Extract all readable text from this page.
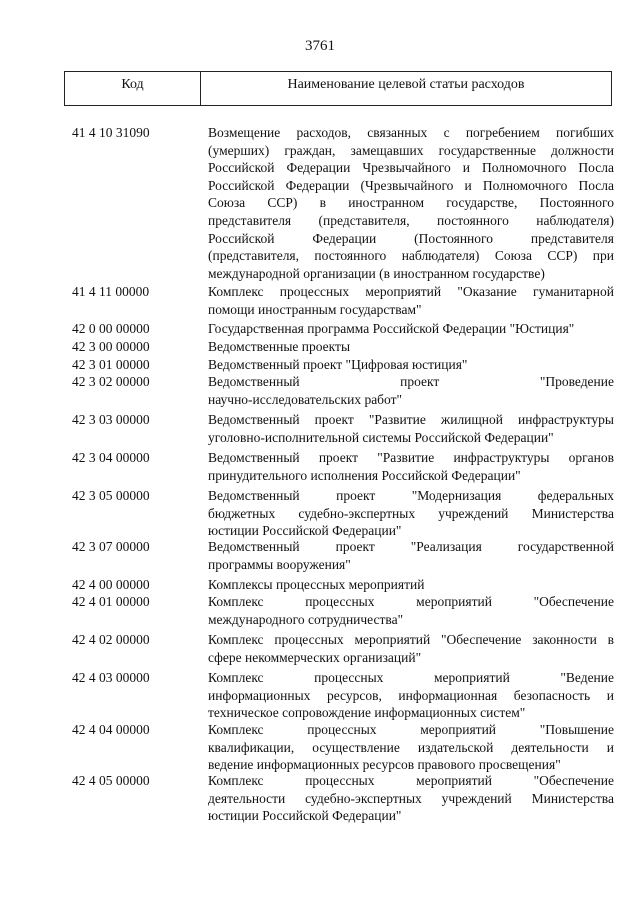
3761
Код	Наименование целевой статьи расходов
41 4 10 31090	Возмещение расходов, связанных с погребением погибших
(умерших) граждан, замещавших государственные должности
Российской Федерации Чрезвычайного и Полномочного Посла
Российской Федерации (Чрезвычайного и Полномочного Посла
Союза ССР) в иностранном государстве, Постоянного
представителя (представителя, постоянного наблюдателя)
Российской Федерации (Постоянного представителя
(представителя, постоянного наблюдателя) Союза ССР) при
международной организации (в иностранном государстве)
41 4 11 00000	Комплекс процессных мероприятий "Оказание гуманитарной
помощи иностранным государствам"
42 0 00 00000	Государственная программа Российской Федерации "Юстиция"
42 3 00 00000	Ведомственные проекты
42 3 01 00000	Ведомственный проект "Цифровая юстиция"
42 3 02 00000	Ведомственный проект "Проведение
научно-исследовательских работ"
42 3 03 00000	Ведомственный проект "Развитие жилищной инфраструктуры
уголовно-исполнительной системы Российской Федерации"
42 3 04 00000	Ведомственный проект "Развитие инфраструктуры органов
принудительного исполнения Российской Федерации"
42 3 05 00000	Ведомственный проект "Модернизация федеральных
бюджетных судебно-экспертных учреждений Министерства
юстиции Российской Федерации"
42 3 07 00000	Ведомственный проект "Реализация государственной
программы вооружения"
42 4 00 00000	Комплексы процессных мероприятий
42 4 01 00000	Комплекс процессных мероприятий "Обеспечение
международного сотрудничества"
42 4 02 00000	Комплекс процессных мероприятий "Обеспечение законности в
сфере некоммерческих организаций"
42 4 03 00000	Комплекс процессных мероприятий "Ведение
информационных ресурсов, информационная безопасность и
техническое сопровождение информационных систем"
42 4 04 00000	Комплекс процессных мероприятий "Повышение
квалификации, осуществление издательской деятельности и
ведение информационных ресурсов правового просвещения"
42 4 05 00000	Комплекс процессных мероприятий "Обеспечение
деятельности судебно-экспертных учреждений Министерства
юстиции Российской Федерации"
